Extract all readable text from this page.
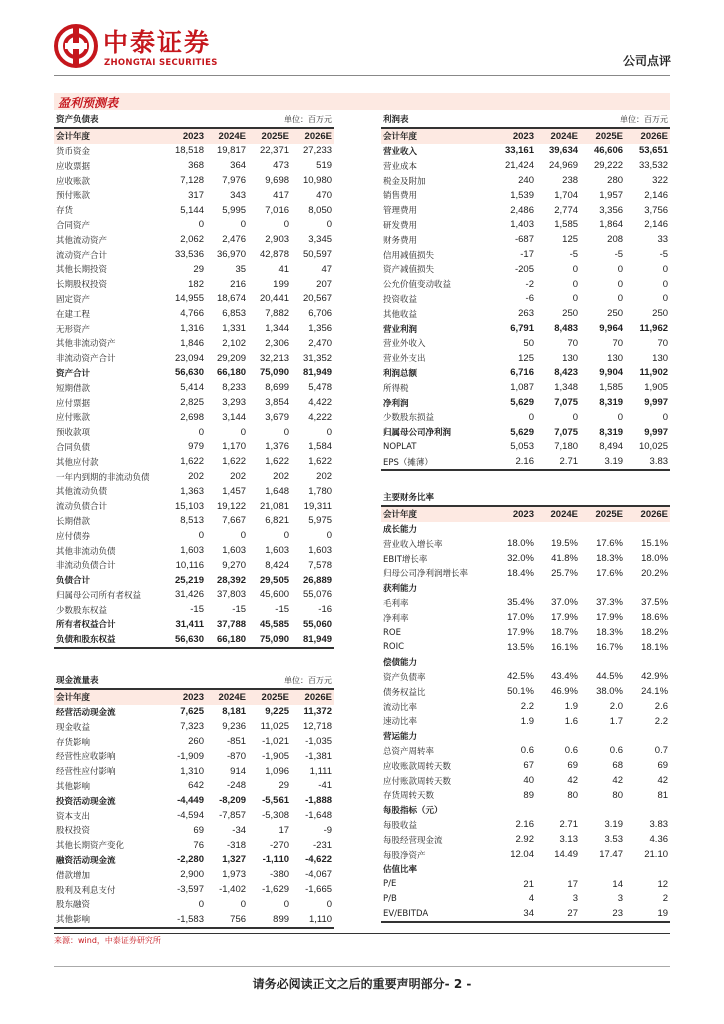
中泰证券
ZHONGTAI SECURITIES	公司点评
盈利预测表
资产负债表			单位：百万元	
会计年度	2023	2024E	2025E	2026E
货币资金	18,518	19,817	22,371	27,233
应收票据	368	364	473	519
应收账款	7,128	7,976	9,698	10,980
预付账款	317	343	417	470
存货	5,144	5,995	7,016	8,050
合同资产	0	0	0	0
其他流动资产	2,062	2,476	2,903	3,345
流动资产合计	33,536	36,970	42,878	50,597
其他长期投资	29	35	41	47
长期股权投资	182	216	199	207
固定资产	14,955	18,674	20,441	20,567
在建工程	4,766	6,853	7,882	6,706
无形资产	1,316	1,331	1,344	1,356
其他非流动资产	1,846	2,102	2,306	2,470
非流动资产合计	23,094	29,209	32,213	31,352
资产合计	56,630	66,180	75,090	81,949
短期借款	5,414	8,233	8,699	5,478
应付票据	2,825	3,293	3,854	4,422
应付账款	2,698	3,144	3,679	4,222
预收款项	0	0	0	0
合同负债	979	1,170	1,376	1,584
其他应付款	1,622	1,622	1,622	1,622
一年内到期的非流动负债	202	202	202	202
其他流动负债	1,363	1,457	1,648	1,780
流动负债合计	15,103	19,122	21,081	19,311
长期借款	8,513	7,667	6,821	5,975
应付债券	0	0	0	0
其他非流动负债	1,603	1,603	1,603	1,603
非流动负债合计	10,116	9,270	8,424	7,578
负债合计	25,219	28,392	29,505	26,889
归属母公司所有者权益	31,426	37,803	45,600	55,076
少数股东权益	-15	-15	-15	-16
所有者权益合计	31,411	37,788	45,585	55,060
负债和股东权益	56,630	66,180	75,090	81,949
现金流量表			单位：百万元	
会计年度	2023	2024E	2025E	2026E
经营活动现金流	7,625	8,181	9,225	11,372
现金收益	7,323	9,236	11,025	12,718
存货影响	260	-851	-1,021	-1,035
经营性应收影响	-1,909	-870	-1,905	-1,381
经营性应付影响	1,310	914	1,096	1,111
其他影响	642	-248	29	-41
投资活动现金流	-4,449	-8,209	-5,561	-1,888
资本支出	-4,594	-7,857	-5,308	-1,648
股权投资	69	-34	17	-9
其他长期资产变化	76	-318	-270	-231
融资活动现金流	-2,280	1,327	-1,110	-4,622
借款增加	2,900	1,973	-380	-4,067
股利及利息支付	-3,597	-1,402	-1,629	-1,665
股东融资	0	0	0	0
其他影响	-1,583	756	899	1,110
利润表			单位：百万元	
会计年度	2023	2024E	2025E	2026E
营业收入	33,161	39,634	46,606	53,651
营业成本	21,424	24,969	29,222	33,532
税金及附加	240	238	280	322
销售费用	1,539	1,704	1,957	2,146
管理费用	2,486	2,774	3,356	3,756
研发费用	1,403	1,585	1,864	2,146
财务费用	-687	125	208	33
信用减值损失	-17	-5	-5	-5
资产减值损失	-205	0	0	0
公允价值变动收益	-2	0	0	0
投资收益	-6	0	0	0
其他收益	263	250	250	250
营业利润	6,791	8,483	9,964	11,962
营业外收入	50	70	70	70
营业外支出	125	130	130	130
利润总额	6,716	8,423	9,904	11,902
所得税	1,087	1,348	1,585	1,905
净利润	5,629	7,075	8,319	9,997
少数股东损益	0	0	0	0
归属母公司净利润	5,629	7,075	8,319	9,997
NOPLAT	5,053	7,180	8,494	10,025
EPS（摊薄）	2.16	2.71	3.19	3.83
主要财务比率				
会计年度	2023	2024E	2025E	2026E
成长能力				
营业收入增长率	18.0%	19.5%	17.6%	15.1%
EBIT增长率	32.0%	41.8%	18.3%	18.0%
归母公司净利润增长率	18.4%	25.7%	17.6%	20.2%
获利能力				
毛利率	35.4%	37.0%	37.3%	37.5%
净利率	17.0%	17.9%	17.9%	18.6%
ROE	17.9%	18.7%	18.3%	18.2%
ROIC	13.5%	16.1%	16.7%	18.1%
偿债能力				
资产负债率	42.5%	43.4%	44.5%	42.9%
债务权益比	50.1%	46.9%	38.0%	24.1%
流动比率	2.2	1.9	2.0	2.6
速动比率	1.9	1.6	1.7	2.2
营运能力				
总资产周转率	0.6	0.6	0.6	0.7
应收账款周转天数	67	69	68	69
应付账款周转天数	40	42	42	42
存货周转天数	89	80	80	81
每股指标（元）				
每股收益	2.16	2.71	3.19	3.83
每股经营现金流	2.92	3.13	3.53	4.36
每股净资产	12.04	14.49	17.47	21.10
估值比率				
P/E	21	17	14	12
P/B	4	3	3	2
EV/EBITDA	34	27	23	19
来源：wind，中泰证券研究所
请务必阅读正文之后的重要声明部分- 2 -
